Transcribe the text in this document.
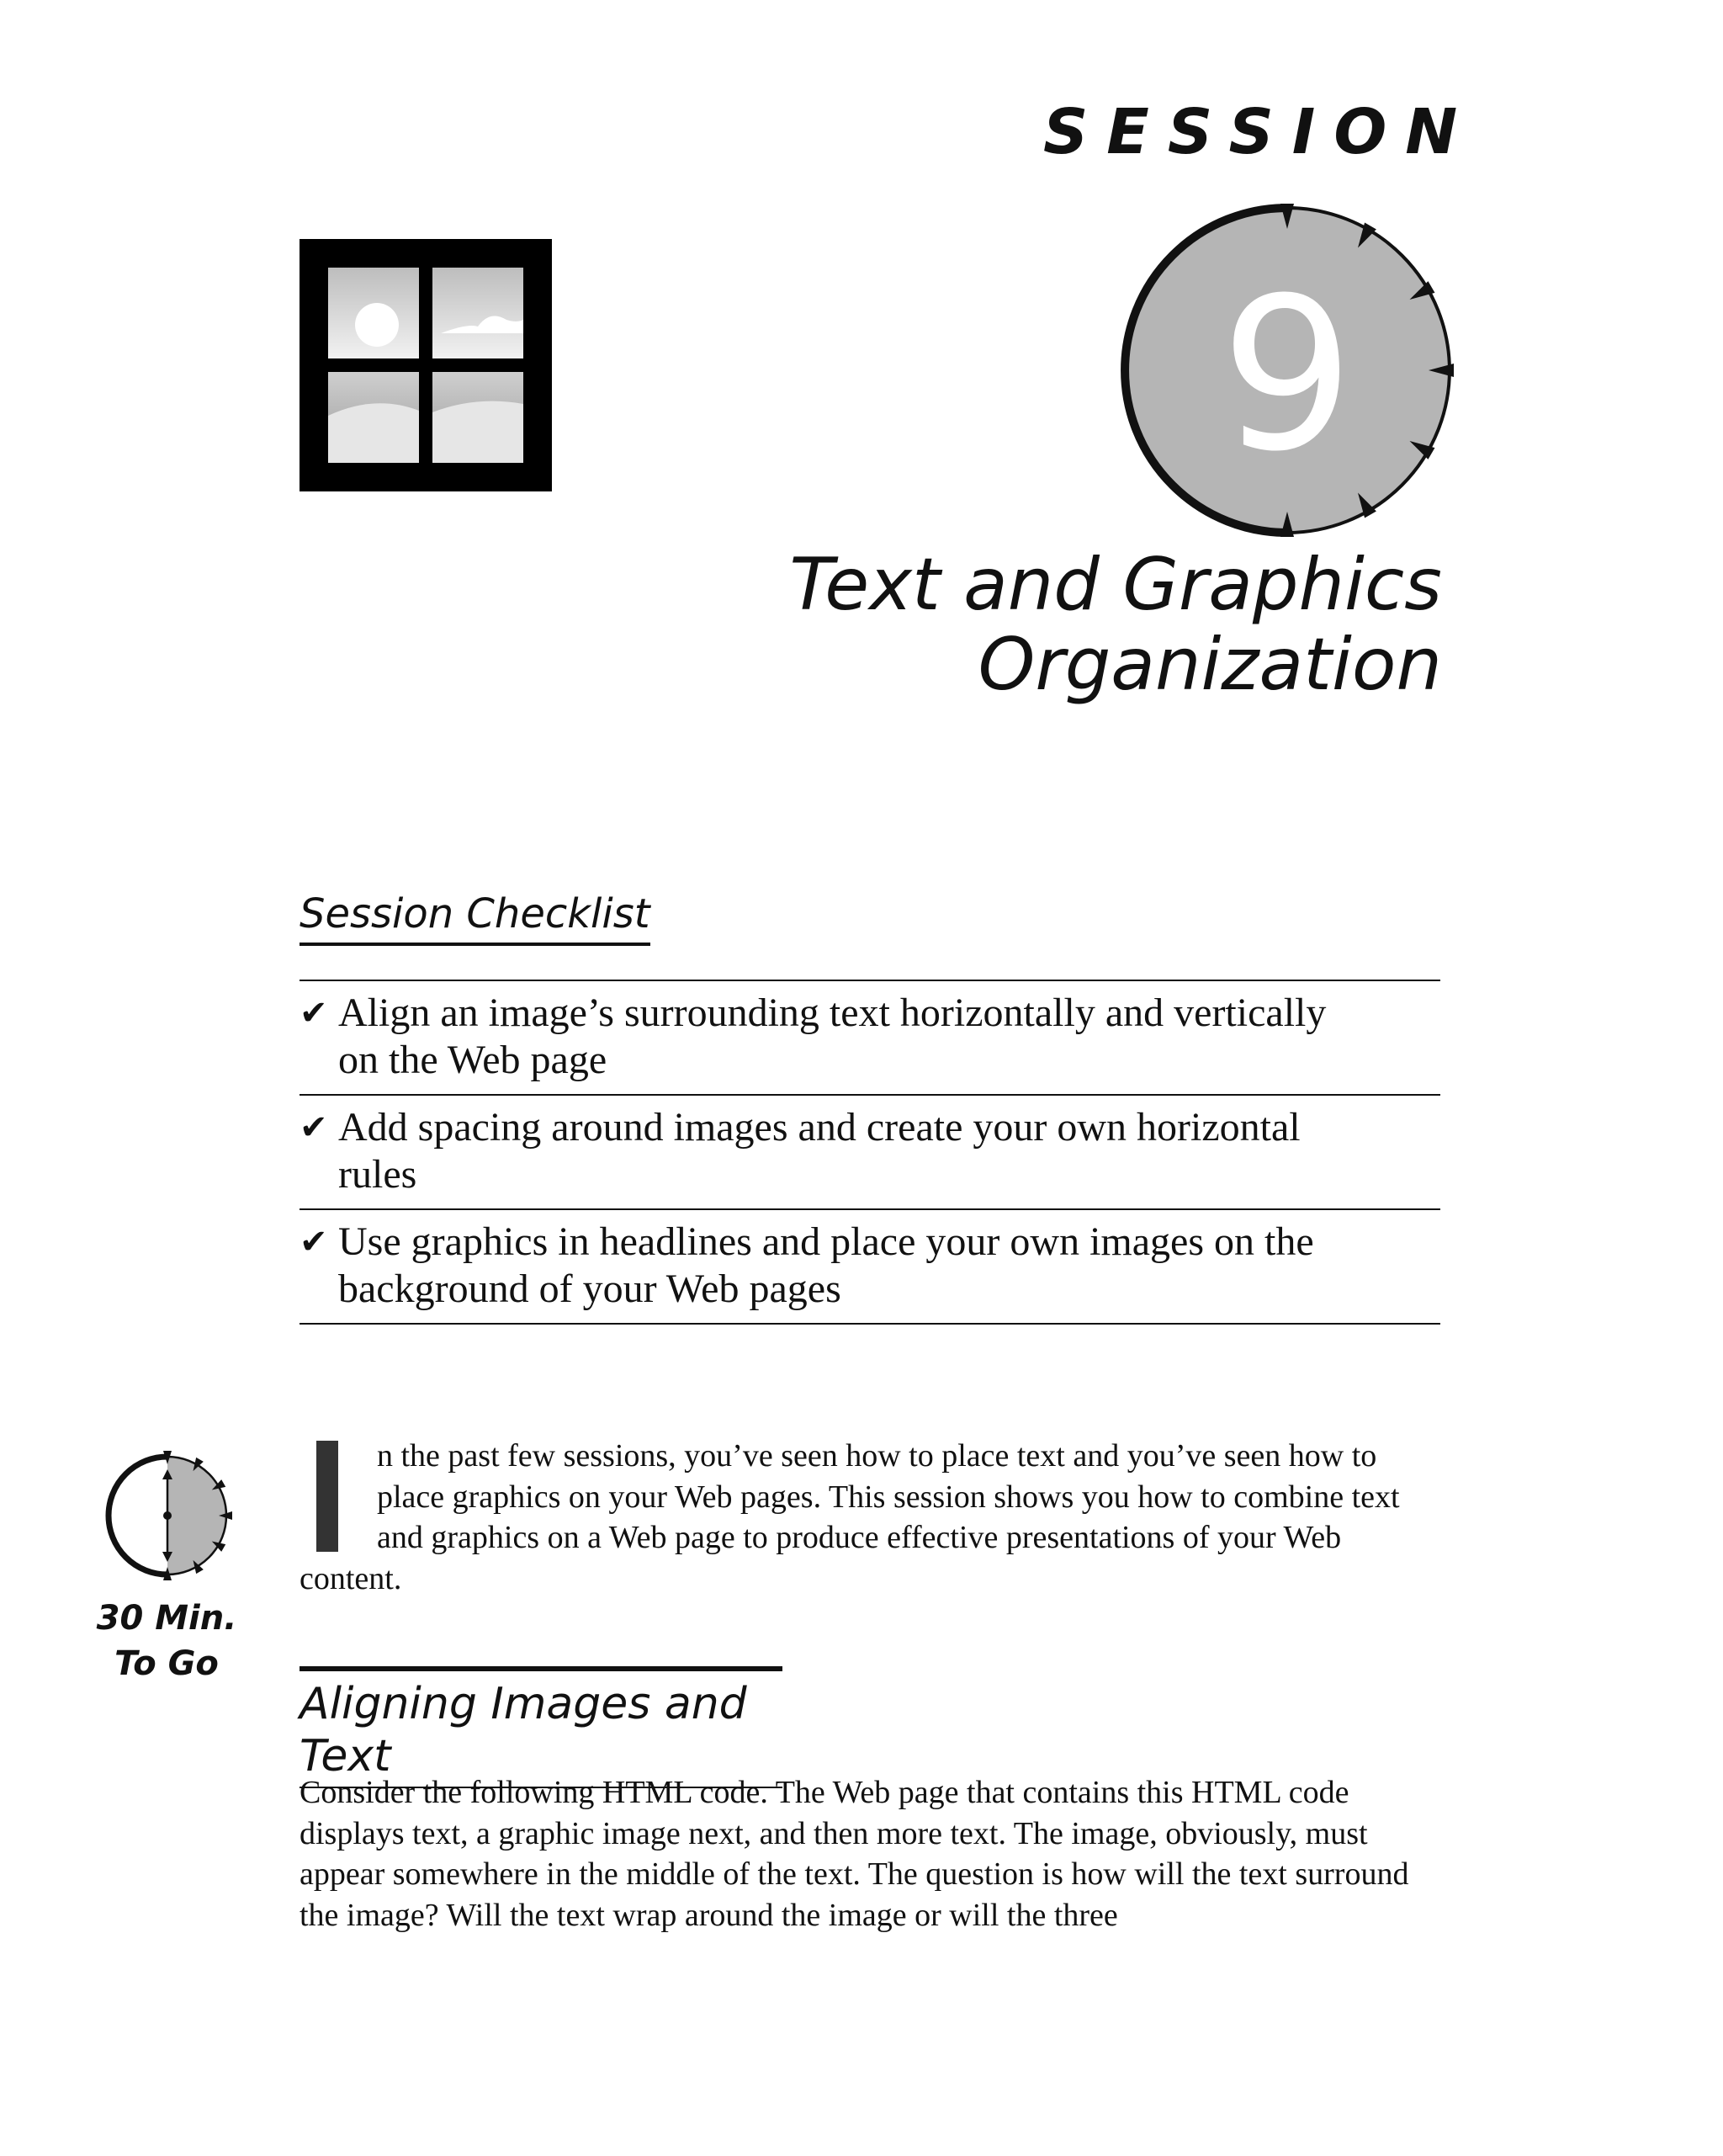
SESSION
9
Text and Graphics Organization
Session Checklist
✔ Align an image’s surrounding text horizontally and vertically on the Web page
✔ Add spacing around images and create your own horizontal rules
✔ Use graphics in headlines and place your own images on the background of your Web pages
30 Min.
To Go

n the past few sessions, you’ve seen how to place text and you’ve seen how to place graphics on your Web pages. This session shows you how to combine text and graphics on a Web page to produce effective presentations of your Web content.

Aligning Images and Text

Consider the following HTML code. The Web page that contains this HTML code displays text, a graphic image next, and then more text. The image, obviously, must appear somewhere in the middle of the text. The question is how will the text surround the image? Will the text wrap around the image or will the three
